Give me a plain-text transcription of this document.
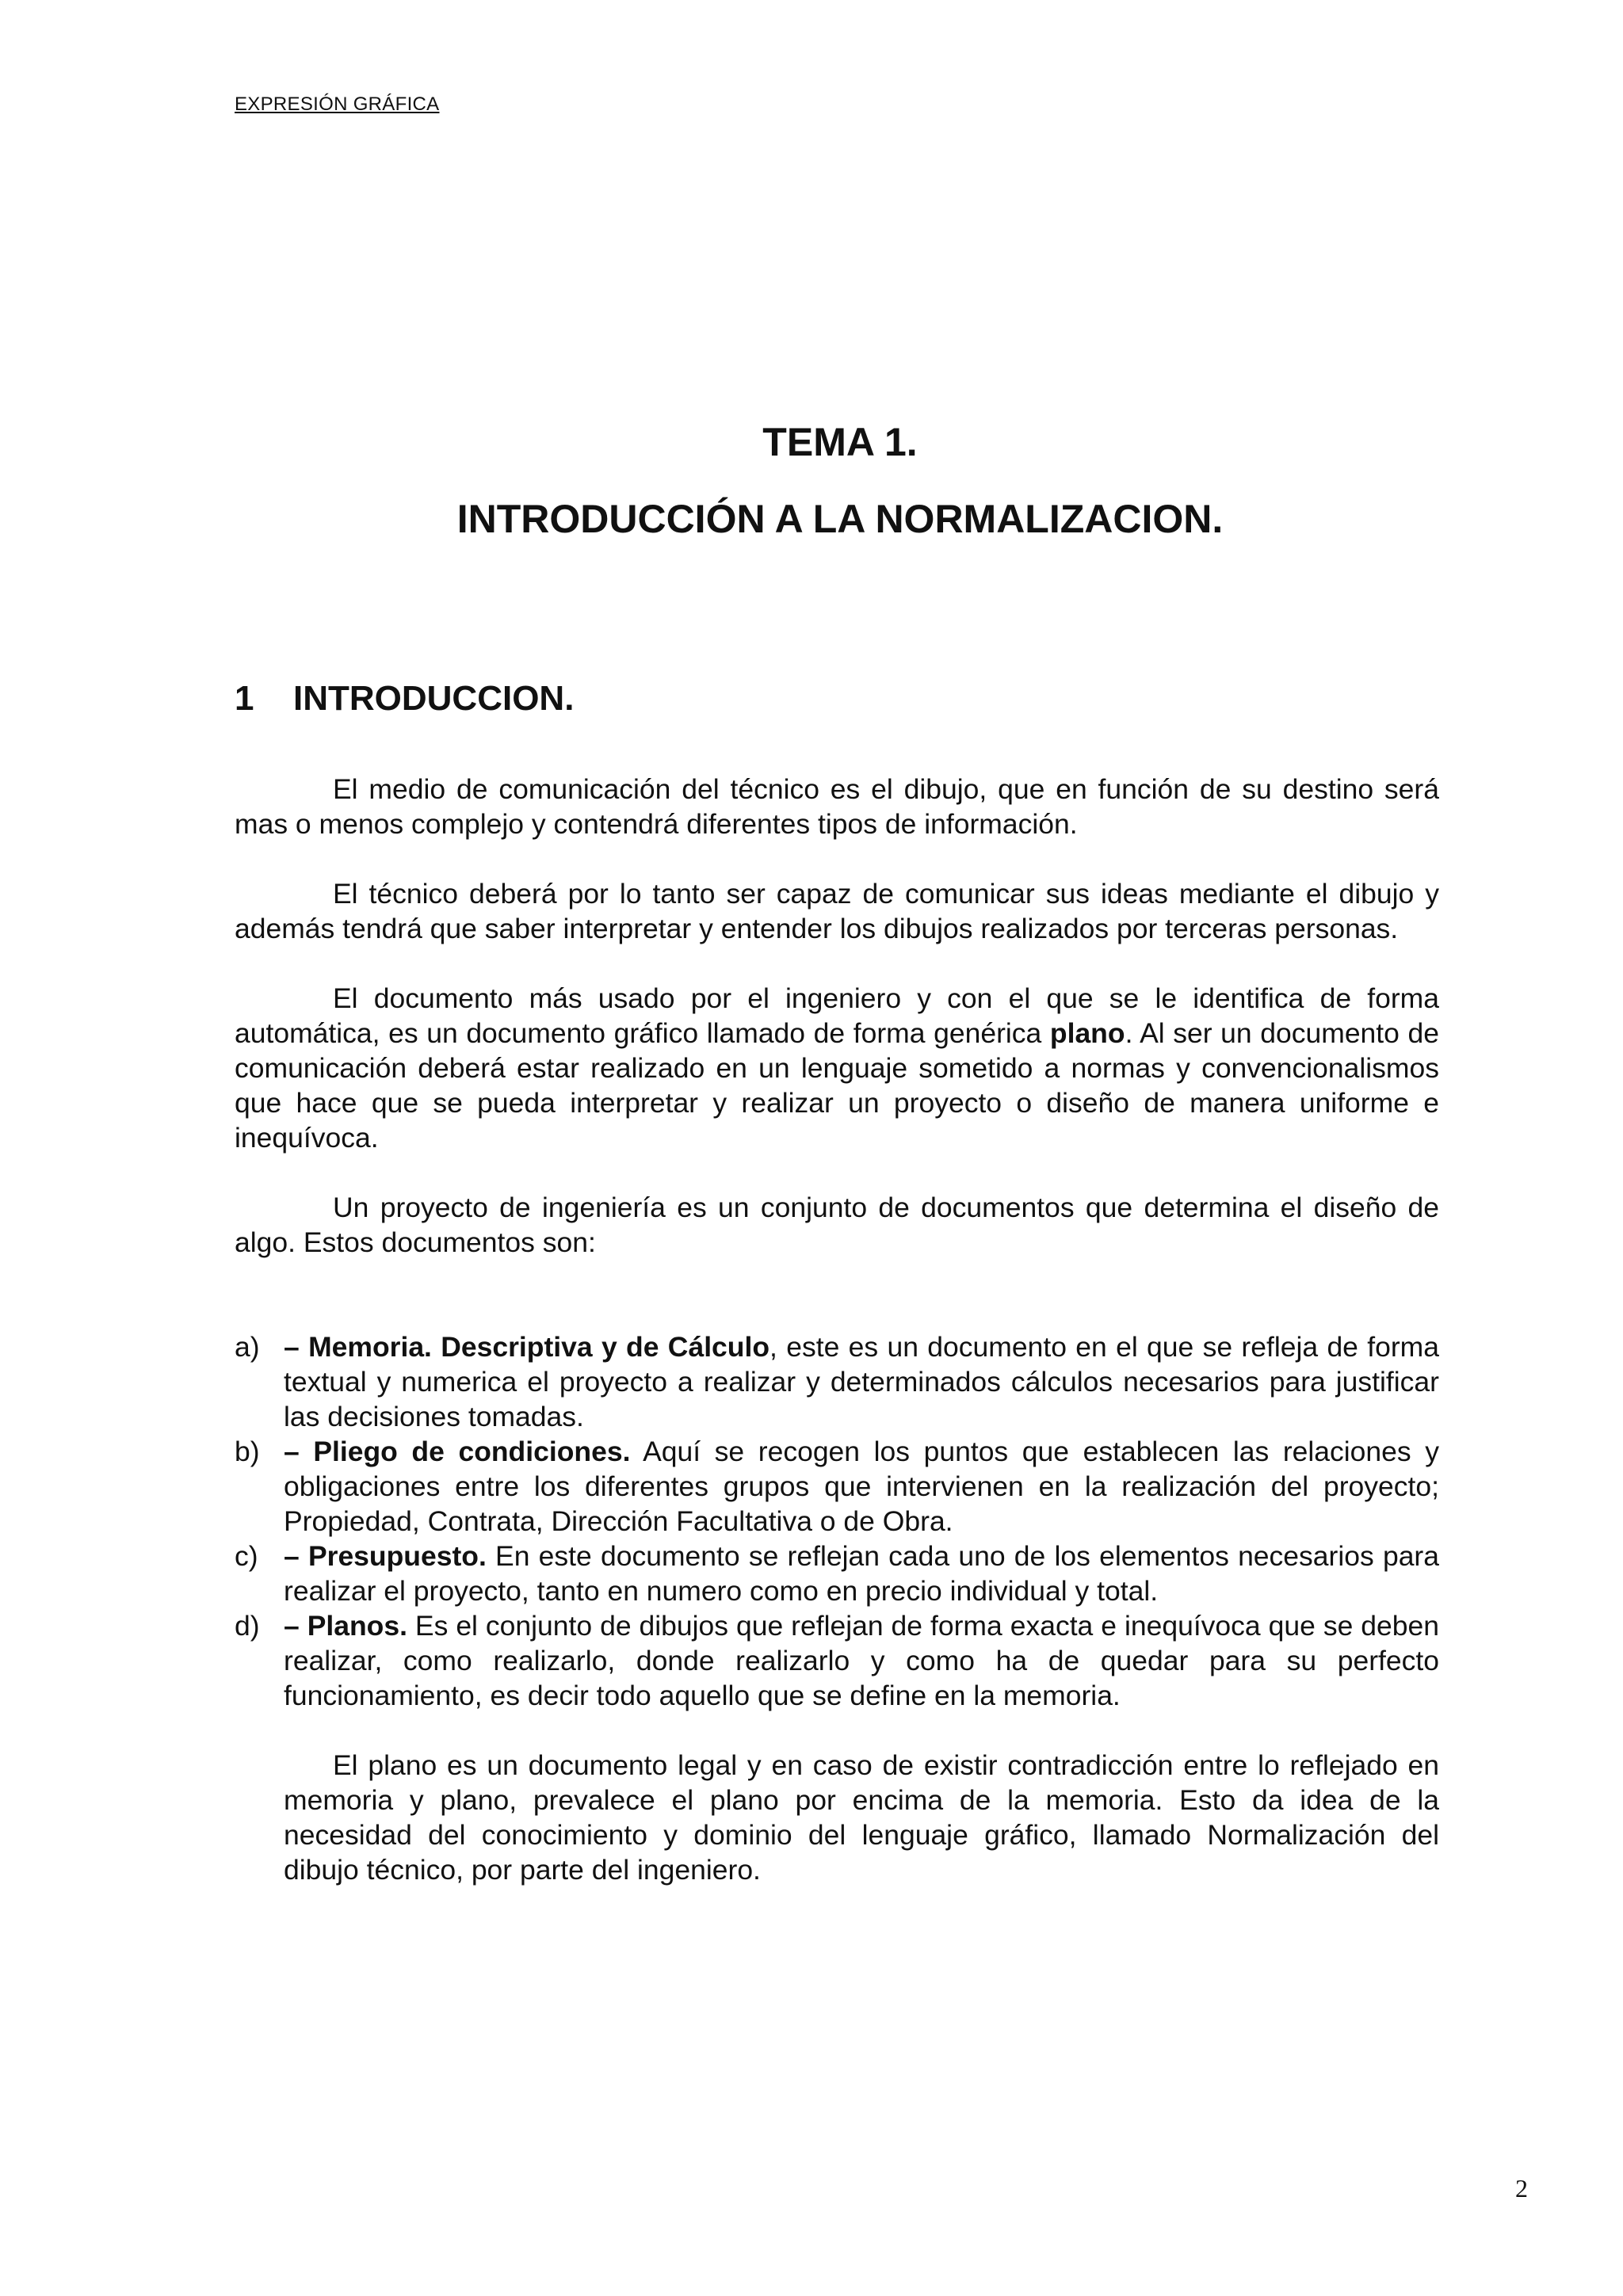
EXPRESIÓN GRÁFICA
TEMA 1.
INTRODUCCIÓN A LA NORMALIZACION.
1 INTRODUCCION.

El medio de comunicación del técnico es el dibujo, que en función de su destino será mas o menos complejo y contendrá diferentes tipos de información.

El técnico deberá por lo tanto ser capaz de comunicar sus ideas mediante el dibujo y además tendrá que saber interpretar y entender los dibujos realizados por terceras personas.

El documento más usado por el ingeniero y con el que se le identifica de forma automática, es un documento gráfico llamado de forma genérica plano. Al ser un documento de comunicación deberá estar realizado en un lenguaje sometido a normas y convencionalismos que hace que se pueda interpretar y realizar un proyecto o diseño de manera uniforme e inequívoca.

Un proyecto de ingeniería es un conjunto de documentos que determina el diseño de algo. Estos documentos son:

a) – Memoria. Descriptiva y de Cálculo, este es un documento en el que se refleja de forma textual y numerica el proyecto a realizar y determinados cálculos necesarios para justificar las decisiones tomadas.
b) – Pliego de condiciones. Aquí se recogen los puntos que establecen las relaciones y obligaciones entre los diferentes grupos que intervienen en la realización del proyecto; Propiedad, Contrata, Dirección Facultativa o de Obra.
c) – Presupuesto. En este documento se reflejan cada uno de los elementos necesarios para realizar el proyecto, tanto en numero como en precio individual y total.
d) – Planos. Es el conjunto de dibujos que reflejan de forma exacta e inequívoca que se deben realizar, como realizarlo, donde realizarlo y como ha de quedar para su perfecto funcionamiento, es decir todo aquello que se define en la memoria.

El plano es un documento legal y en caso de existir contradicción entre lo reflejado en memoria y plano, prevalece el plano por encima de la memoria. Esto da idea de la necesidad del conocimiento y dominio del lenguaje gráfico, llamado Normalización del dibujo técnico, por parte del ingeniero.

2
